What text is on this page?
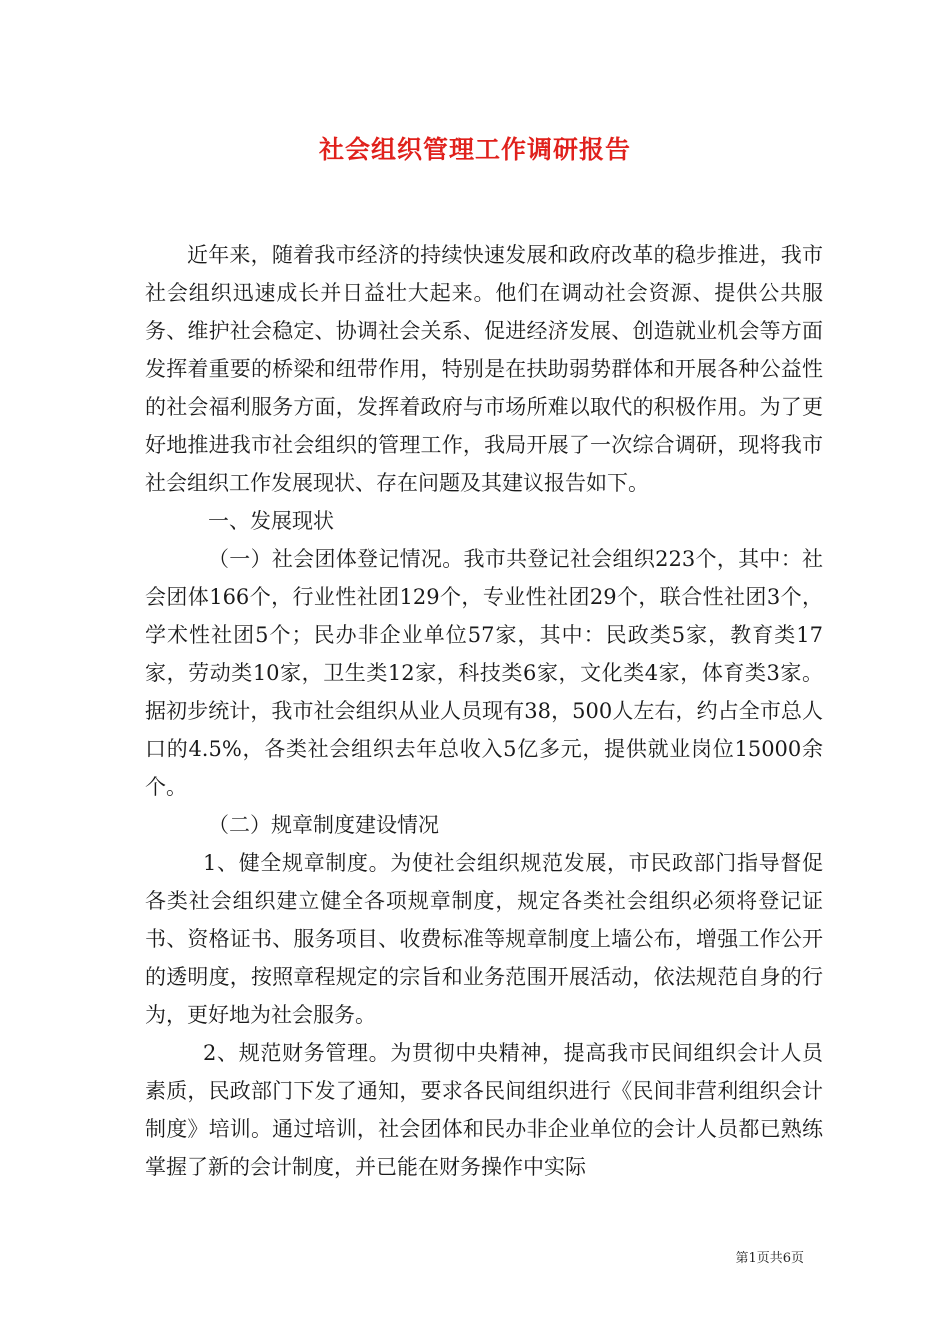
社会组织管理工作调研报告

近年来，随着我市经济的持续快速发展和政府改革的稳步推进，我市社会组织迅速成长并日益壮大起来。他们在调动社会资源、提供公共服务、维护社会稳定、协调社会关系、促进经济发展、创造就业机会等方面发挥着重要的桥梁和纽带作用，特别是在扶助弱势群体和开展各种公益性的社会福利服务方面，发挥着政府与市场所难以取代的积极作用。为了更好地推进我市社会组织的管理工作，我局开展了一次综合调研，现将我市社会组织工作发展现状、存在问题及其建议报告如下。

一、发展现状

（一）社会团体登记情况。我市共登记社会组织223个，其中：社会团体166个，行业性社团129个，专业性社团29个，联合性社团3个，学术性社团5个；民办非企业单位57家，其中：民政类5家，教育类17家，劳动类10家，卫生类12家，科技类6家，文化类4家，体育类3家。据初步统计，我市社会组织从业人员现有38，500人左右，约占全市总人口的4.5%，各类社会组织去年总收入5亿多元，提供就业岗位15000余个。

（二）规章制度建设情况

1、健全规章制度。为使社会组织规范发展，市民政部门指导督促各类社会组织建立健全各项规章制度，规定各类社会组织必须将登记证书、资格证书、服务项目、收费标准等规章制度上墙公布，增强工作公开的透明度，按照章程规定的宗旨和业务范围开展活动，依法规范自身的行为，更好地为社会服务。

2、规范财务管理。为贯彻中央精神，提高我市民间组织会计人员素质，民政部门下发了通知，要求各民间组织进行《民间非营利组织会计制度》培训。通过培训，社会团体和民办非企业单位的会计人员都已熟练掌握了新的会计制度，并已能在财务操作中实际

第1页共6页
